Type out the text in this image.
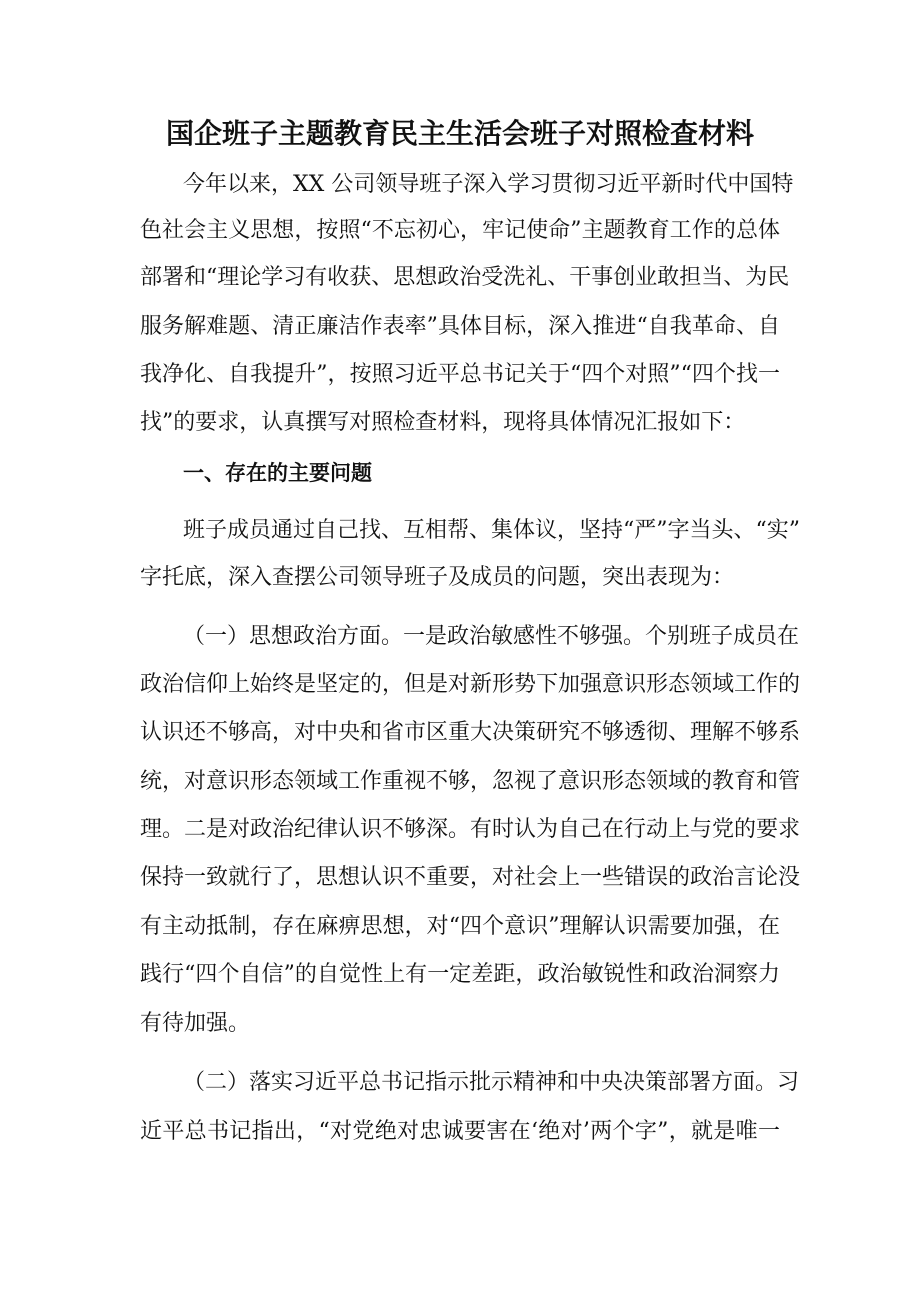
国企班子主题教育民主生活会班子对照检查材料
今年以来，XX 公司领导班子深入学习贯彻习近平新时代中国特
色社会主义思想，按照“不忘初心，牢记使命”主题教育工作的总体
部署和“理论学习有收获、思想政治受洗礼、干事创业敢担当、为民
服务解难题、清正廉洁作表率”具体目标，深入推进“自我革命、自
我净化、自我提升”，按照习近平总书记关于“四个对照”“四个找一
找”的要求，认真撰写对照检查材料，现将具体情况汇报如下：
一、存在的主要问题
班子成员通过自己找、互相帮、集体议，坚持“严”字当头、“实”
字托底，深入查摆公司领导班子及成员的问题，突出表现为：
（一）思想政治方面。一是政治敏感性不够强。个别班子成员在
政治信仰上始终是坚定的，但是对新形势下加强意识形态领域工作的
认识还不够高，对中央和省市区重大决策研究不够透彻、理解不够系
统，对意识形态领域工作重视不够，忽视了意识形态领域的教育和管
理。二是对政治纪律认识不够深。有时认为自己在行动上与党的要求
保持一致就行了，思想认识不重要，对社会上一些错误的政治言论没
有主动抵制，存在麻痹思想，对“四个意识”理解认识需要加强，在
践行“四个自信”的自觉性上有一定差距，政治敏锐性和政治洞察力
有待加强。
（二）落实习近平总书记指示批示精神和中央决策部署方面。习
近平总书记指出，“对党绝对忠诚要害在‘绝对’两个字”，就是唯一
